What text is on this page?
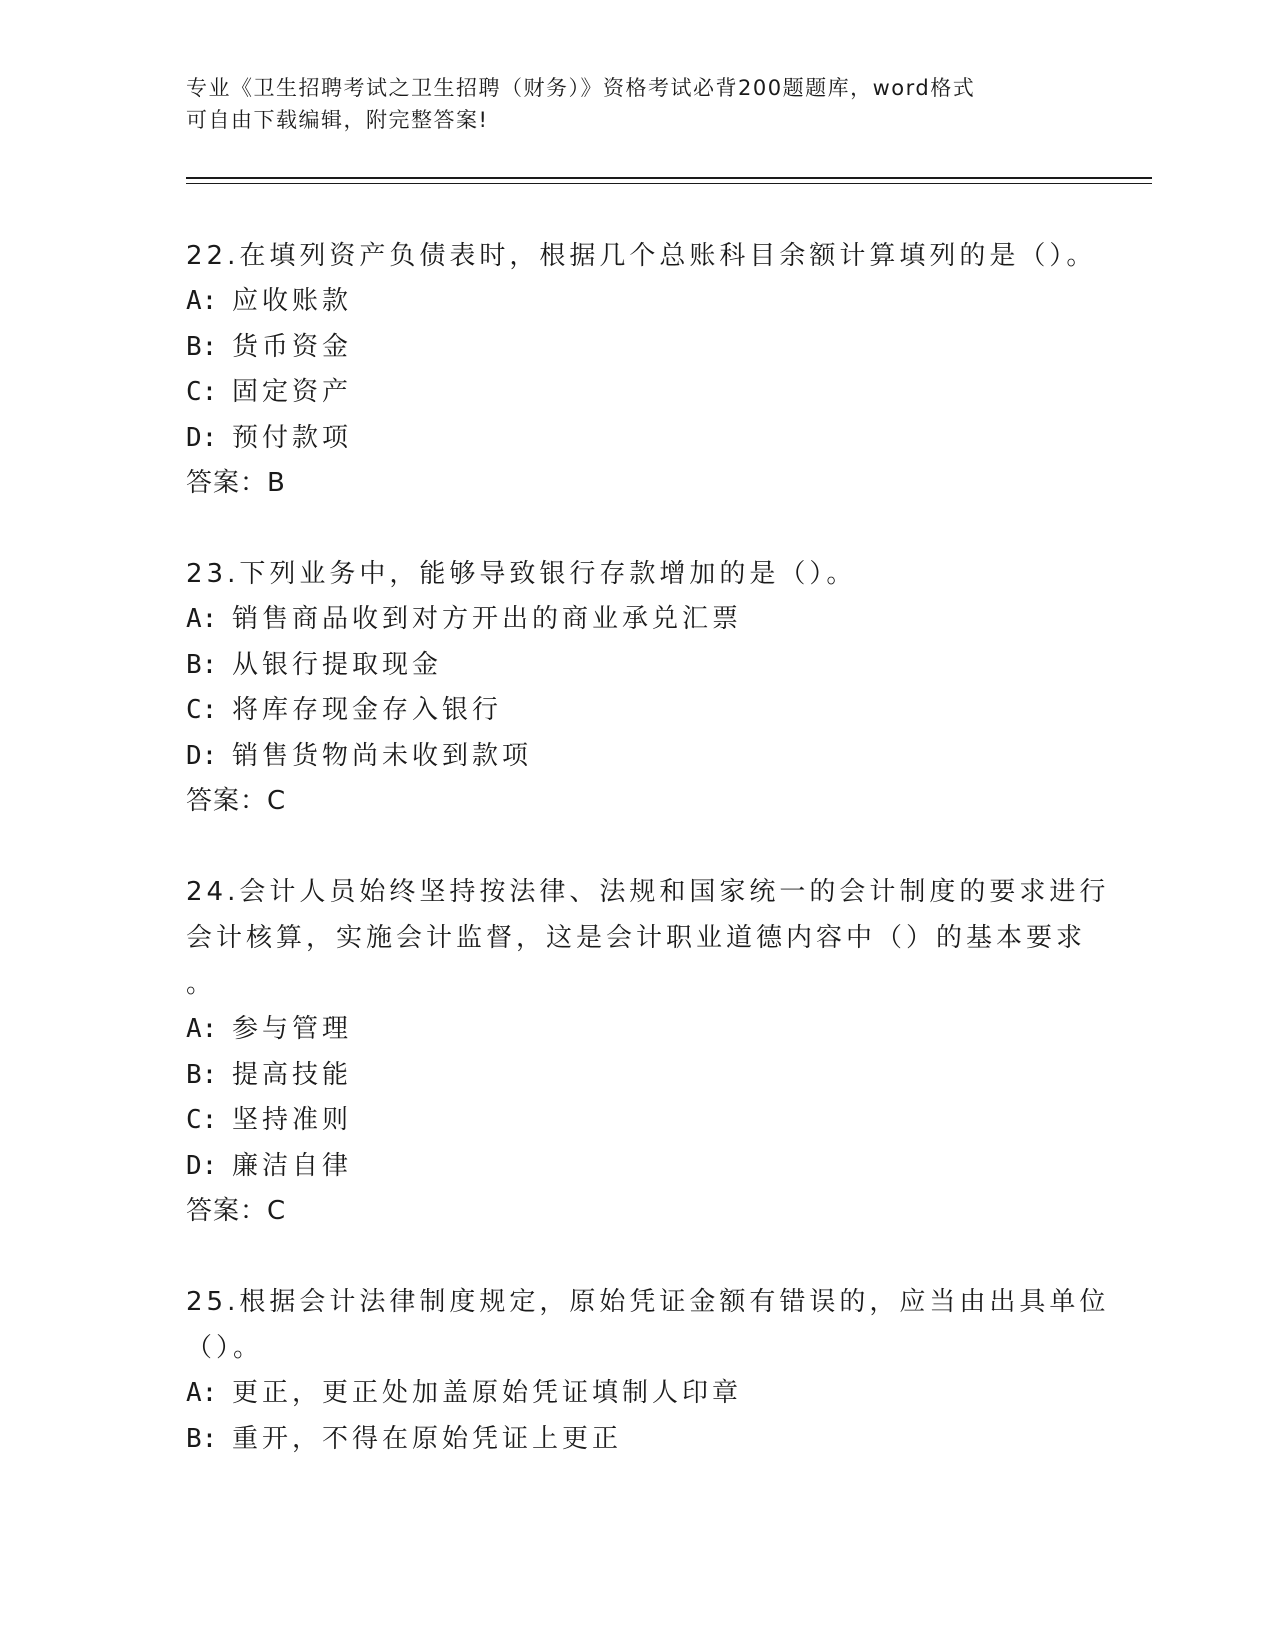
专业《卫生招聘考试之卫生招聘（财务）》资格考试必背200题题库，word格式
可自由下载编辑，附完整答案!
22.在填列资产负债表时，根据几个总账科目余额计算填列的是（）。
A: 应收账款
B: 货币资金
C: 固定资产
D: 预付款项
答案：B
23.下列业务中，能够导致银行存款增加的是（）。
A: 销售商品收到对方开出的商业承兑汇票
B: 从银行提取现金
C: 将库存现金存入银行
D: 销售货物尚未收到款项
答案：C
24.会计人员始终坚持按法律、法规和国家统一的会计制度的要求进行
会计核算，实施会计监督，这是会计职业道德内容中（）的基本要求
。
A: 参与管理
B: 提高技能
C: 坚持准则
D: 廉洁自律
答案：C
25.根据会计法律制度规定，原始凭证金额有错误的，应当由出具单位
（）。
A: 更正，更正处加盖原始凭证填制人印章
B: 重开，不得在原始凭证上更正
